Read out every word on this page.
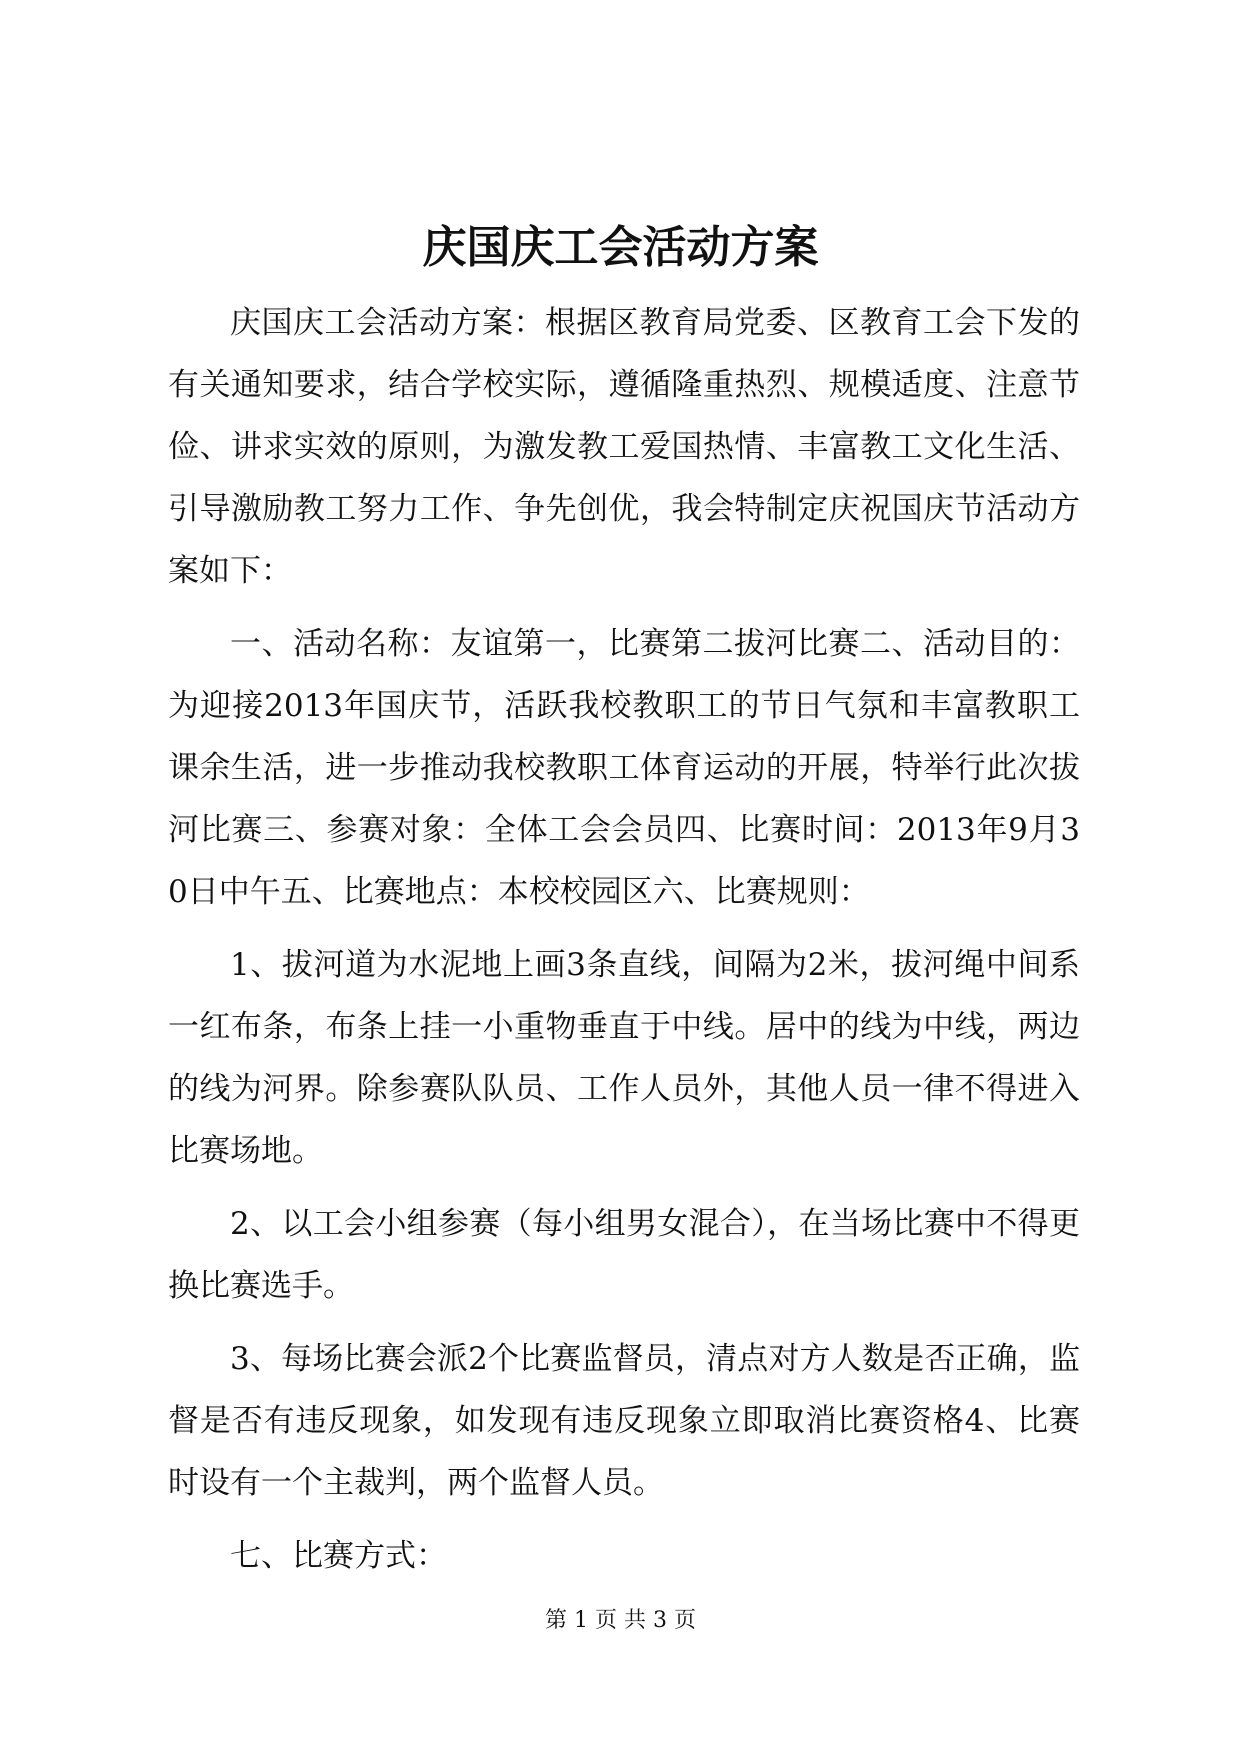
庆国庆工会活动方案

庆国庆工会活动方案：根据区教育局党委、区教育工会下发的有关通知要求，结合学校实际，遵循隆重热烈、规模适度、注意节俭、讲求实效的原则，为激发教工爱国热情、丰富教工文化生活、引导激励教工努力工作、争先创优，我会特制定庆祝国庆节活动方案如下：

一、活动名称：友谊第一，比赛第二拔河比赛二、活动目的：为迎接2013年国庆节，活跃我校教职工的节日气氛和丰富教职工课余生活，进一步推动我校教职工体育运动的开展，特举行此次拔河比赛三、参赛对象：全体工会会员四、比赛时间：2013年9月30日中午五、比赛地点：本校校园区六、比赛规则：

1、拔河道为水泥地上画3条直线，间隔为2米，拔河绳中间系一红布条，布条上挂一小重物垂直于中线。居中的线为中线，两边的线为河界。除参赛队队员、工作人员外，其他人员一律不得进入比赛场地。

2、以工会小组参赛（每小组男女混合），在当场比赛中不得更换比赛选手。

3、每场比赛会派2个比赛监督员，清点对方人数是否正确，监督是否有违反现象，如发现有违反现象立即取消比赛资格4、比赛时设有一个主裁判，两个监督人员。

七、比赛方式：

第 1 页 共 3 页
